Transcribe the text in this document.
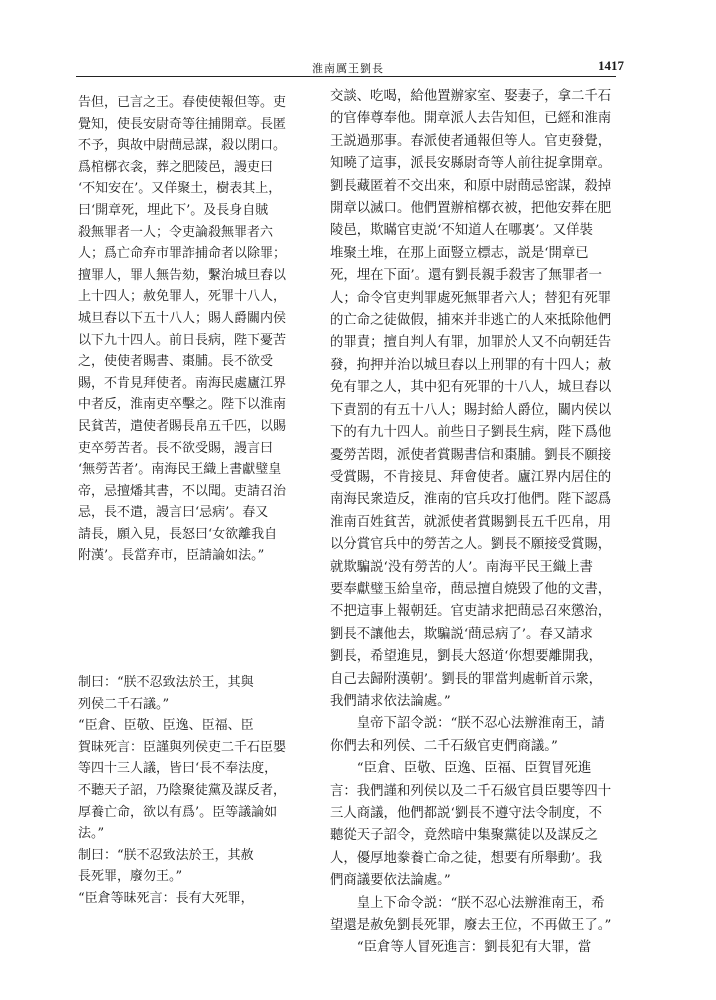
淮南厲王劉長	1417
告但，已言之王。春使使報但等。吏
覺知，使長安尉奇等往捕開章。長匿
不予，與故中尉蔄忌謀，殺以閉口。
爲棺槨衣衾，葬之肥陵邑，謾吏曰
‘不知安在’。又佯聚土，樹表其上，
曰‘開章死，埋此下’。及長身自賊
殺無罪者一人；令吏論殺無罪者六
人；爲亡命弃市罪詐捕命者以除罪；
擅罪人，罪人無告劾，繫治城旦舂以
上十四人；赦免罪人，死罪十八人，
城旦舂以下五十八人；賜人爵關内侯
以下九十四人。前日長病，陛下憂苦
之，使使者賜書、棗脯。長不欲受
賜，不肯見拜使者。南海民處廬江界
中者反，淮南吏卒擊之。陛下以淮南
民貧苦，遣使者賜長帛五千匹，以賜
吏卒勞苦者。長不欲受賜，謾言曰
‘無勞苦者’。南海民王織上書獻璧皇
帝，忌擅燔其書，不以聞。吏請召治
忌，長不遣，謾言曰‘忌病’。春又
請長，願入見，長怒曰‘女欲離我自
附漢’。長當弃市，臣請論如法。”
制曰：“朕不忍致法於王，其與
列侯二千石議。”
“臣倉、臣敬、臣逸、臣福、臣
賀昧死言：臣謹與列侯吏二千石臣嬰
等四十三人議，皆曰‘長不奉法度，
不聽天子詔，乃陰聚徒黨及謀反者，
厚養亡命，欲以有爲’。臣等議論如
法。”
制曰：“朕不忍致法於王，其赦
長死罪，廢勿王。”
“臣倉等昧死言：長有大死罪，
交談、吃喝，給他置辦家室、娶妻子，拿二千石
的官俸尊奉他。開章派人去告知但，已經和淮南
王説過那事。春派使者通報但等人。官吏發覺，
知曉了這事，派長安縣尉奇等人前往捉拿開章。
劉長藏匿着不交出來，和原中尉蔄忌密謀，殺掉
開章以滅口。他們置辦棺槨衣被，把他安葬在肥
陵邑，欺瞞官吏説‘不知道人在哪裏’。又佯裝
堆聚土堆，在那上面豎立標志，説是‘開章已
死，埋在下面’。還有劉長親手殺害了無罪者一
人；命令官吏判罪處死無罪者六人；替犯有死罪
的亡命之徒做假，捕來并非逃亡的人來抵除他們
的罪責；擅自判人有罪，加罪於人又不向朝廷告
發，拘押并治以城旦舂以上刑罪的有十四人；赦
免有罪之人，其中犯有死罪的十八人，城旦舂以
下責罰的有五十八人；賜封給人爵位，關内侯以
下的有九十四人。前些日子劉長生病，陛下爲他
憂勞苦悶，派使者賞賜書信和棗脯。劉長不願接
受賞賜，不肯接見、拜會使者。廬江界内居住的
南海民衆造反，淮南的官兵攻打他們。陛下認爲
淮南百姓貧苦，就派使者賞賜劉長五千匹帛，用
以分賞官兵中的勞苦之人。劉長不願接受賞賜，
就欺騙説‘没有勞苦的人’。南海平民王織上書
要奉獻璧玉給皇帝，蔄忌擅自燒毁了他的文書，
不把這事上報朝廷。官吏請求把蔄忌召來懲治，
劉長不讓他去，欺騙説‘蔄忌病了’。春又請求
劉長，希望進見，劉長大怒道‘你想要離開我，
自己去歸附漢朝’。劉長的罪當判處斬首示衆，
我們請求依法論處。”
　　皇帝下詔令説：“朕不忍心法辦淮南王，請
你們去和列侯、二千石級官吏們商議。”
　　“臣倉、臣敬、臣逸、臣福、臣賀冒死進
言：我們謹和列侯以及二千石級官員臣嬰等四十
三人商議，他們都説‘劉長不遵守法令制度，不
聽從天子詔令，竟然暗中集聚黨徒以及謀反之
人，優厚地豢養亡命之徒，想要有所舉動’。我
們商議要依法論處。”
　　皇上下命令説：“朕不忍心法辦淮南王，希
望還是赦免劉長死罪，廢去王位，不再做王了。”
　　“臣倉等人冒死進言：劉長犯有大罪，當
